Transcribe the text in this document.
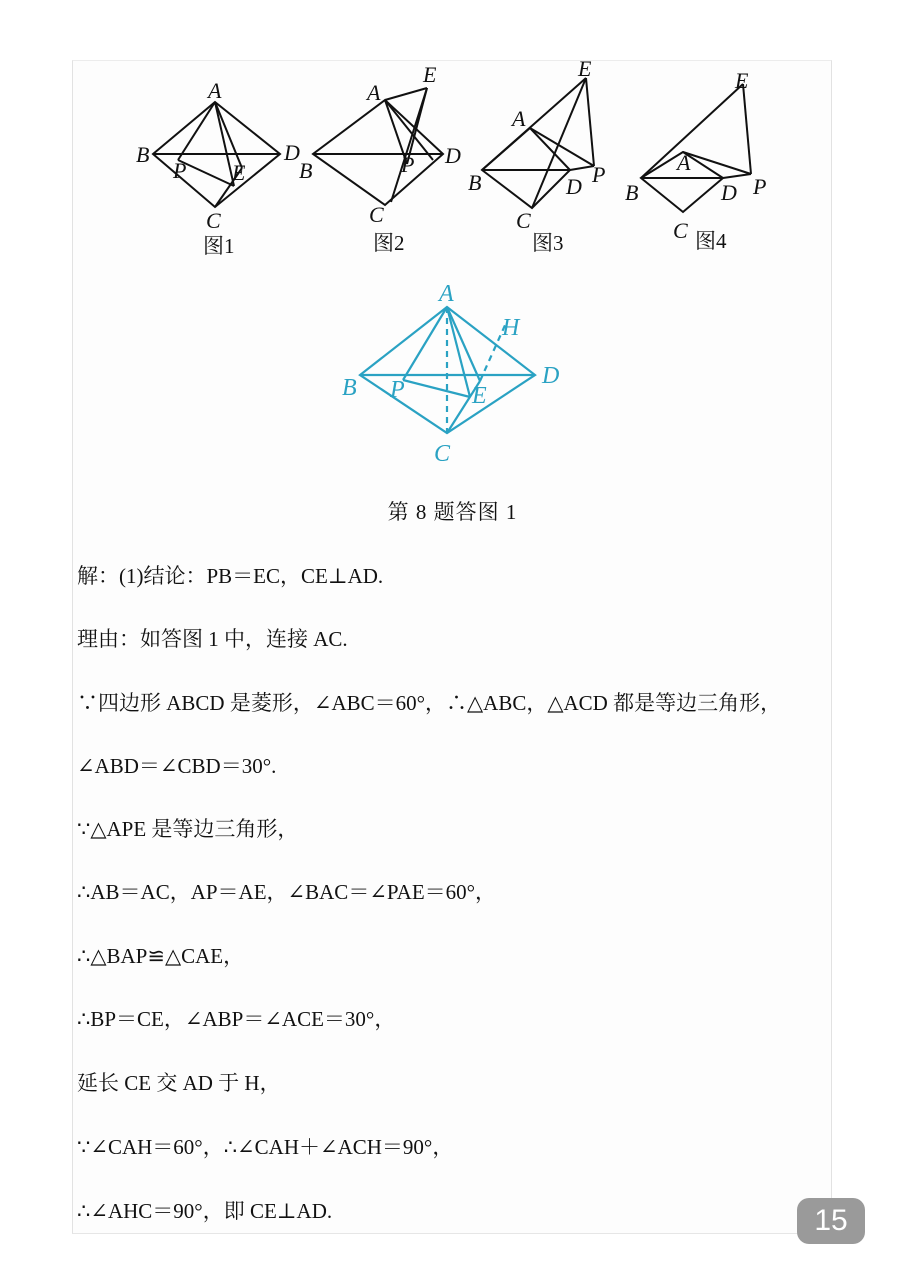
A
B
P E
D
C
图1
A
E
B	P D
C
图2
E
A
B	D P
C
图3
E
A
B	D P
C 图4
A
H
B P	E
D
C
第 8 题答图 1
解：(1)结论：PB＝EC，CE⊥AD.
理由：如答图 1 中，连接 AC.
∵四边形 ABCD 是菱形，∠ABC＝60°，∴△ABC，△ACD 都是等边三角形，
∠ABD＝∠CBD＝30°.
∵△APE 是等边三角形，
∴AB＝AC，AP＝AE，∠BAC＝∠PAE＝60°，
∴△BAP≌△CAE，
∴BP＝CE，∠ABP＝∠ACE＝30°，
延长 CE 交 AD 于 H，
∵∠CAH＝60°，∴∠CAH＋∠ACH＝90°，
∴∠AHC＝90°，即 CE⊥AD.	15
